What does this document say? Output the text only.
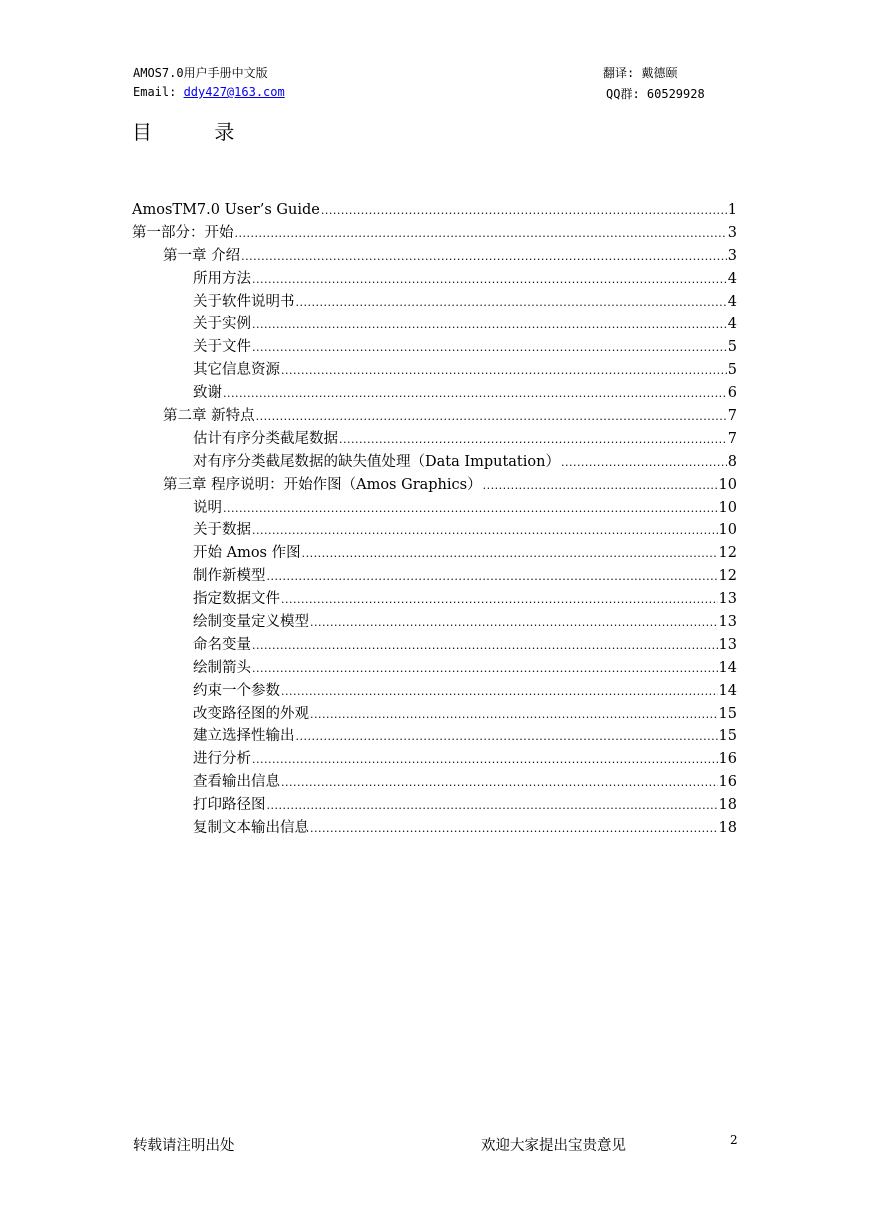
AMOS7.0用户手册中文版
Email: ddy427@163.com
翻译: 戴德颐
QQ群: 60529928
目 录
AmosTM7.0 User’s Guide .....	1
第一部分：开始 .....	3
第一章 介绍 .....	3
所用方法 .....	4
关于软件说明书 .....	4
关于实例 .....	4
关于文件 .....	5
其它信息资源 .....	5
致谢 .....	6
第二章 新特点 .....	7
估计有序分类截尾数据 .....	7
对有序分类截尾数据的缺失值处理（Data Imputation） .....	8
第三章 程序说明：开始作图（Amos Graphics） .....	10
说明 .....	10
关于数据 .....	10
开始 Amos 作图 .....	12
制作新模型 .....	12
指定数据文件 .....	13
绘制变量定义模型 .....	13
命名变量 .....	13
绘制箭头 .....	14
约束一个参数 .....	14
改变路径图的外观 .....	15
建立选择性输出 .....	15
进行分析 .....	16
查看输出信息 .....	16
打印路径图 .....	18
复制文本输出信息 .....	18
转载请注明出处	欢迎大家提出宝贵意见	2
